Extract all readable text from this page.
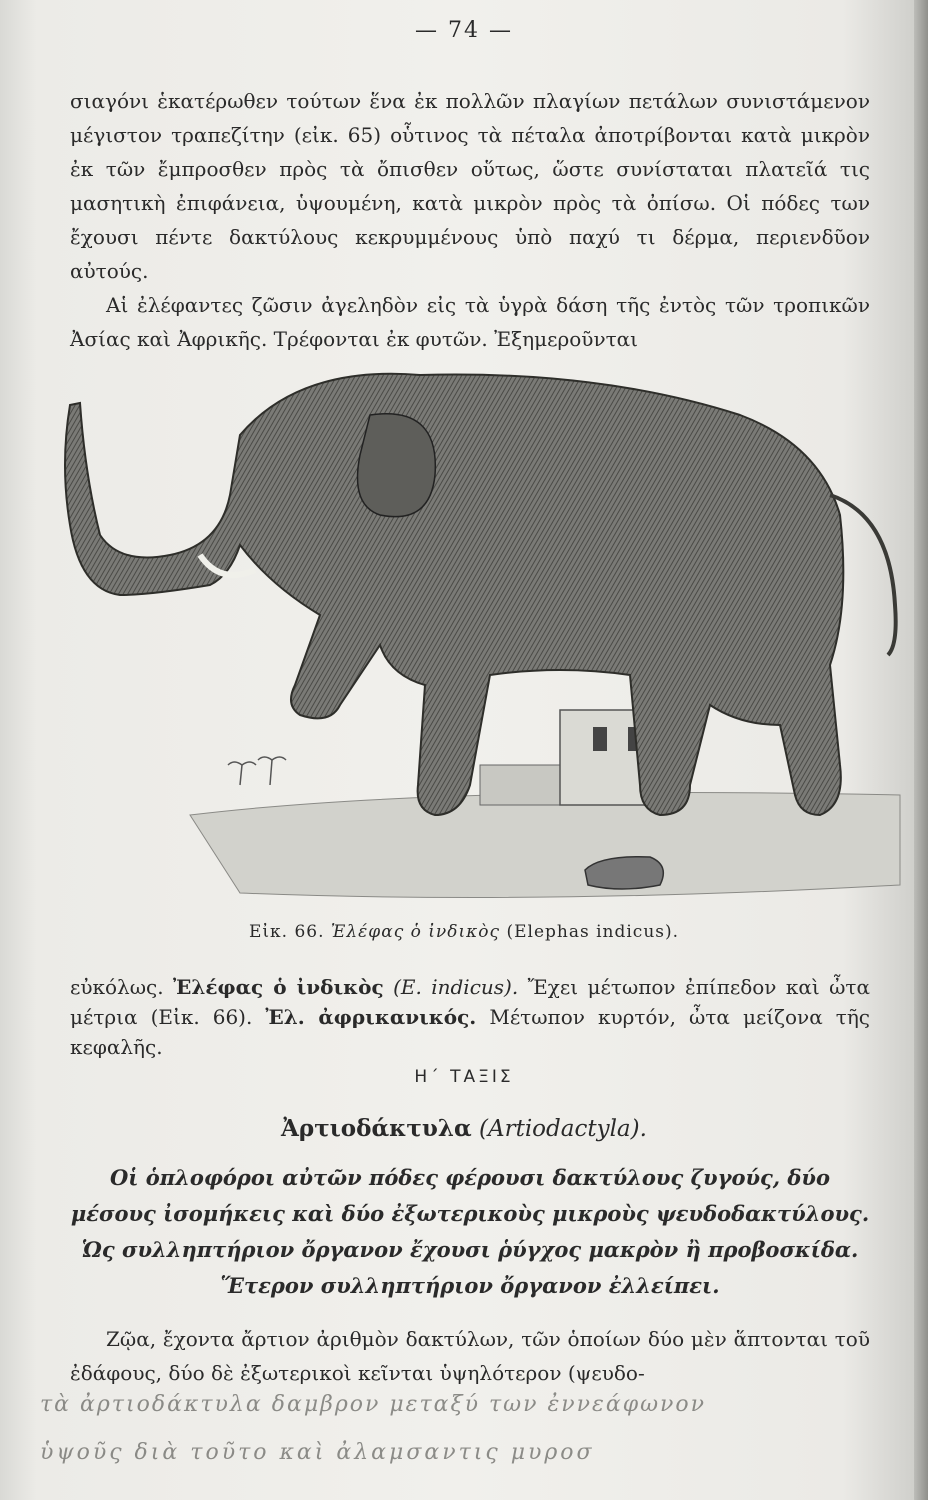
— 74 —

σιαγόνι ἑκατέρωθεν τούτων ἕνα ἐκ πολλῶν πλαγίων πετάλων συνιστάμενον μέγιστον τραπεζίτην (εἰκ. 65) οὗτινος τὰ πέταλα ἀποτρίβονται κατὰ μικρὸν ἐκ τῶν ἔμπροσθεν πρὸς τὰ ὄπισθεν οὕτως, ὥστε συνίσταται πλατεῖά τις μασητικὴ ἐπιφάνεια, ὑψουμένη, κατὰ μικρὸν πρὸς τὰ ὀπίσω. Οἱ πόδες των ἔχουσι πέντε δακτύλους κεκρυμμένους ὑπὸ παχύ τι δέρμα, περιενδῦον αὐτούς.

Αἱ ἐλέφαντες ζῶσιν ἀγεληδὸν εἰς τὰ ὑγρὰ δάση τῆς ἐντὸς τῶν τροπικῶν Ἀσίας καὶ Ἀφρικῆς. Τρέφονται ἐκ φυτῶν. Ἐξημεροῦνται

Εἰκ. 66. Ἐλέφας ὁ ἰνδικὸς (Elephas indicus).

εὐκόλως. Ἐλέφας ὁ ἰνδικὸς (E. indicus). Ἔχει μέτωπον ἐπίπεδον καὶ ὦτα μέτρια (Εἰκ. 66). Ἐλ. ἀφρικανικός. Μέτωπον κυρτόν, ὦτα μείζονα τῆς κεφαλῆς.

Η΄ ΤΑΞΙΣ
Ἀρτιοδάκτυλα (Artiodactyla).

Οἱ ὁπλοφόροι αὐτῶν πόδες φέρουσι δακτύλους ζυγούς, δύο μέσους ἰσομήκεις καὶ δύο ἐξωτερικοὺς μικροὺς ψευδοδακτύλους. Ὡς συλληπτήριον ὄργανον ἔχουσι ῥύγχος μακρὸν ἢ προβοσκίδα. Ἕτερον συλληπτήριον ὄργανον ἐλλείπει.

Ζῷα, ἔχοντα ἄρτιον ἀριθμὸν δακτύλων, τῶν ὁποίων δύο μὲν ἅπτονται τοῦ ἐδάφους, δύο δὲ ἐξωτερικοὶ κεῖνται ὑψηλότερον (ψευδο-

τὰ ἀρτιοδάκτυλα δαμβρον μεταξύ των ἐννεάφωνον
ὑψοῦς διὰ τοῦτο καὶ ἀλαμσαντις μυροσ
